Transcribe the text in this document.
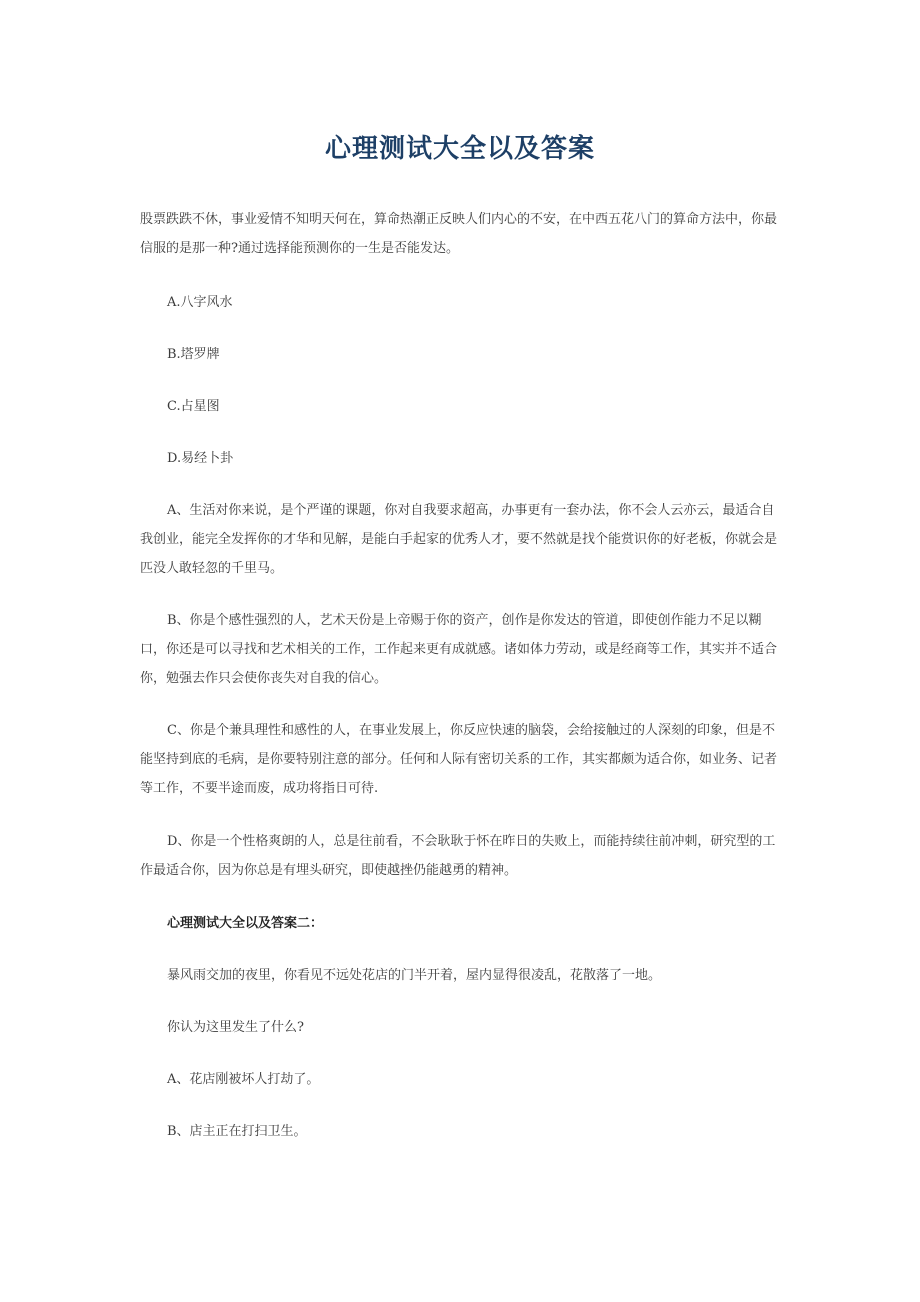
心理测试大全以及答案

股票跌跌不休，事业爱情不知明天何在，算命热潮正反映人们内心的不安，在中西五花八门的算命方法中，你最信服的是那一种?通过选择能预测你的一生是否能发达。

A.八字风水
B.塔罗牌
C.占星图
D.易经卜卦

A、生活对你来说，是个严谨的课题，你对自我要求超高，办事更有一套办法，你不会人云亦云，最适合自我创业，能完全发挥你的才华和见解，是能白手起家的优秀人才，要不然就是找个能赏识你的好老板，你就会是匹没人敢轻忽的千里马。

B、你是个感性强烈的人，艺术天份是上帝赐于你的资产，创作是你发达的管道，即使创作能力不足以糊口，你还是可以寻找和艺术相关的工作，工作起来更有成就感。诸如体力劳动，或是经商等工作，其实并不适合你，勉强去作只会使你丧失对自我的信心。

C、你是个兼具理性和感性的人，在事业发展上，你反应快速的脑袋，会给接触过的人深刻的印象，但是不能坚持到底的毛病，是你要特别注意的部分。任何和人际有密切关系的工作，其实都颇为适合你，如业务、记者等工作，不要半途而废，成功将指日可待.

D、你是一个性格爽朗的人，总是往前看，不会耿耿于怀在昨日的失败上，而能持续往前冲刺，研究型的工作最适合你，因为你总是有埋头研究，即使越挫仍能越勇的精神。

心理测试大全以及答案二：
暴风雨交加的夜里，你看见不远处花店的门半开着，屋内显得很凌乱，花散落了一地。
你认为这里发生了什么?
A、花店刚被坏人打劫了。
B、店主正在打扫卫生。
